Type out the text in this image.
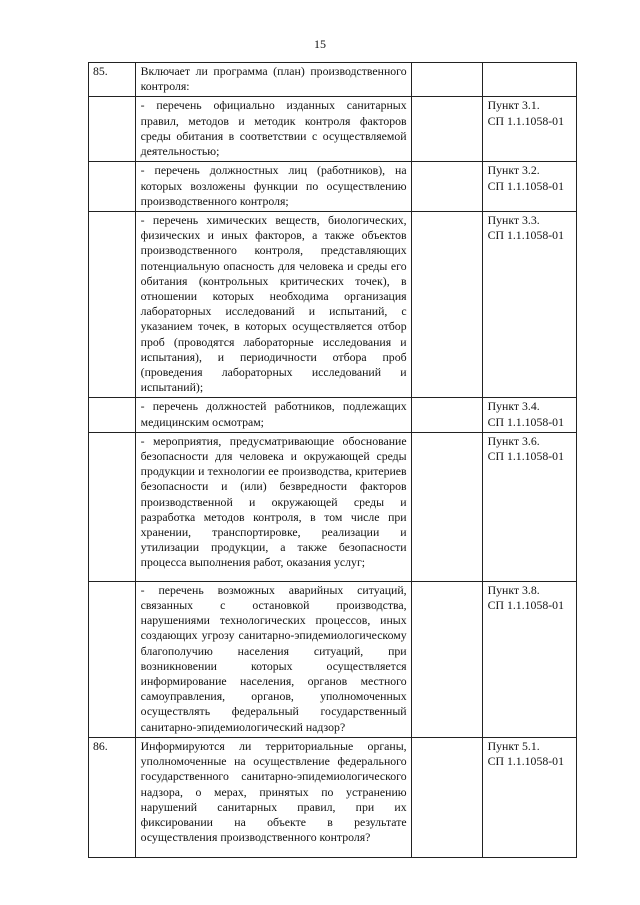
15
85.	Включает ли программа (план) производственного контроля:		

	- перечень официально изданных санитарных правил, методов и методик контроля факторов среды обитания в соответствии с осуществляемой деятельностью;		Пункт 3.1.
СП 1.1.1058-01

	- перечень должностных лиц (работников), на которых возложены функции по осуществлению производственного контроля;		Пункт 3.2.
СП 1.1.1058-01

	- перечень химических веществ, биологических, физических и иных факторов, а также объектов производственного контроля, представляющих потенциальную опасность для человека и среды его обитания (контрольных критических точек), в отношении которых необходима организация лабораторных исследований и испытаний, с указанием точек, в которых осуществляется отбор проб (проводятся лабораторные исследования и испытания), и периодичности отбора проб (проведения лабораторных исследований и испытаний);		Пункт 3.3.
СП 1.1.1058-01

	- перечень должностей работников, подлежащих медицинским осмотрам;		Пункт 3.4.
СП 1.1.1058-01

	- мероприятия, предусматривающие обоснование безопасности для человека и окружающей среды продукции и технологии ее производства, критериев безопасности и (или) безвредности факторов производственной и окружающей среды и разработка методов контроля, в том числе при хранении, транспортировке, реализации и утилизации продукции, а также безопасности процесса выполнения работ, оказания услуг;		Пункт 3.6.
СП 1.1.1058-01

	- перечень возможных аварийных ситуаций, связанных с остановкой производства, нарушениями технологических процессов, иных создающих угрозу санитарно-эпидемиологическому благополучию населения ситуаций, при возникновении которых осуществляется информирование населения, органов местного самоуправления, органов, уполномоченных осуществлять федеральный государственный санитарно-эпидемиологический надзор?		Пункт 3.8.
СП 1.1.1058-01

86.	Информируются ли территориальные органы, уполномоченные на осуществление федерального государственного санитарно-эпидемиологического надзора, о мерах, принятых по устранению нарушений санитарных правил, при их фиксировании на объекте в результате осуществления производственного контроля?		Пункт 5.1.
СП 1.1.1058-01
